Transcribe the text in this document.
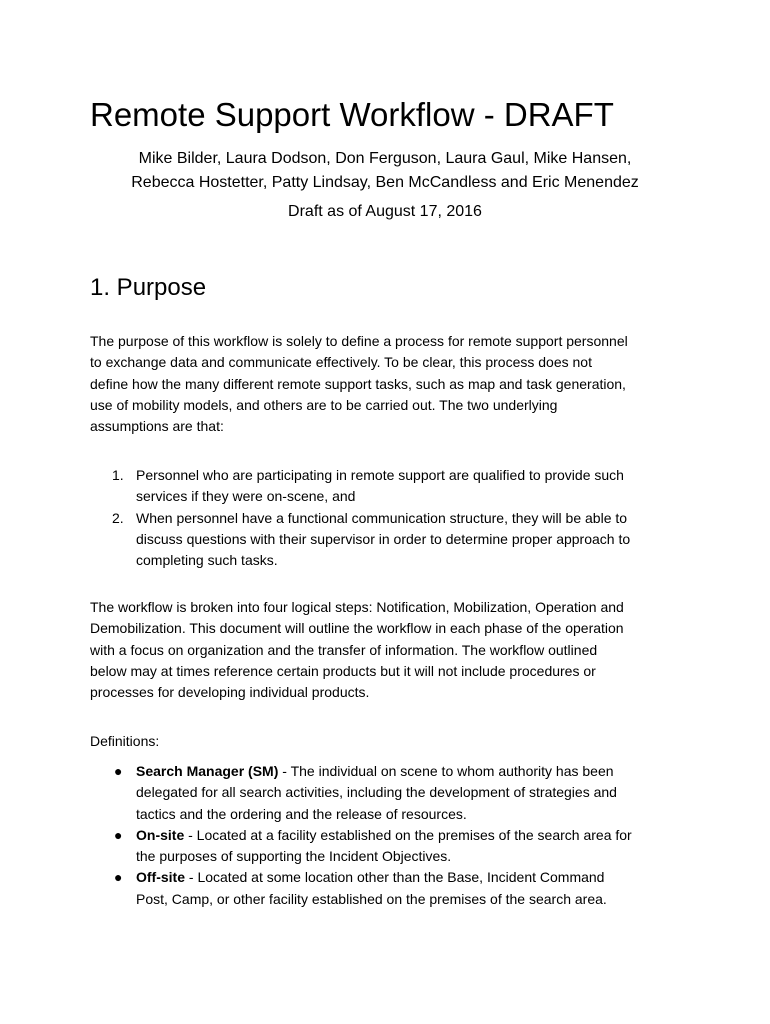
Remote Support Workflow - DRAFT
Mike Bilder, Laura Dodson, Don Ferguson, Laura Gaul, Mike Hansen,
Rebecca Hostetter, Patty Lindsay, Ben McCandless and Eric Menendez
Draft as of August 17, 2016
1. Purpose

The purpose of this workflow is solely to define a process for remote support personnel
to exchange data and communicate effectively. To be clear, this process does not
define how the many different remote support tasks, such as map and task generation,
use of mobility models, and others are to be carried out. The two underlying
assumptions are that:

1. Personnel who are participating in remote support are qualified to provide such
services if they were on-scene, and
2. When personnel have a functional communication structure, they will be able to
discuss questions with their supervisor in order to determine proper approach to
completing such tasks.

The workflow is broken into four logical steps: Notification, Mobilization, Operation and
Demobilization. This document will outline the workflow in each phase of the operation
with a focus on organization and the transfer of information. The workflow outlined
below may at times reference certain products but it will not include procedures or
processes for developing individual products.

Definitions:

● Search Manager (SM) - The individual on scene to whom authority has been
delegated for all search activities, including the development of strategies and
tactics and the ordering and the release of resources.
● On-site - Located at a facility established on the premises of the search area for
the purposes of supporting the Incident Objectives.
● Off-site - Located at some location other than the Base, Incident Command
Post, Camp, or other facility established on the premises of the search area.
